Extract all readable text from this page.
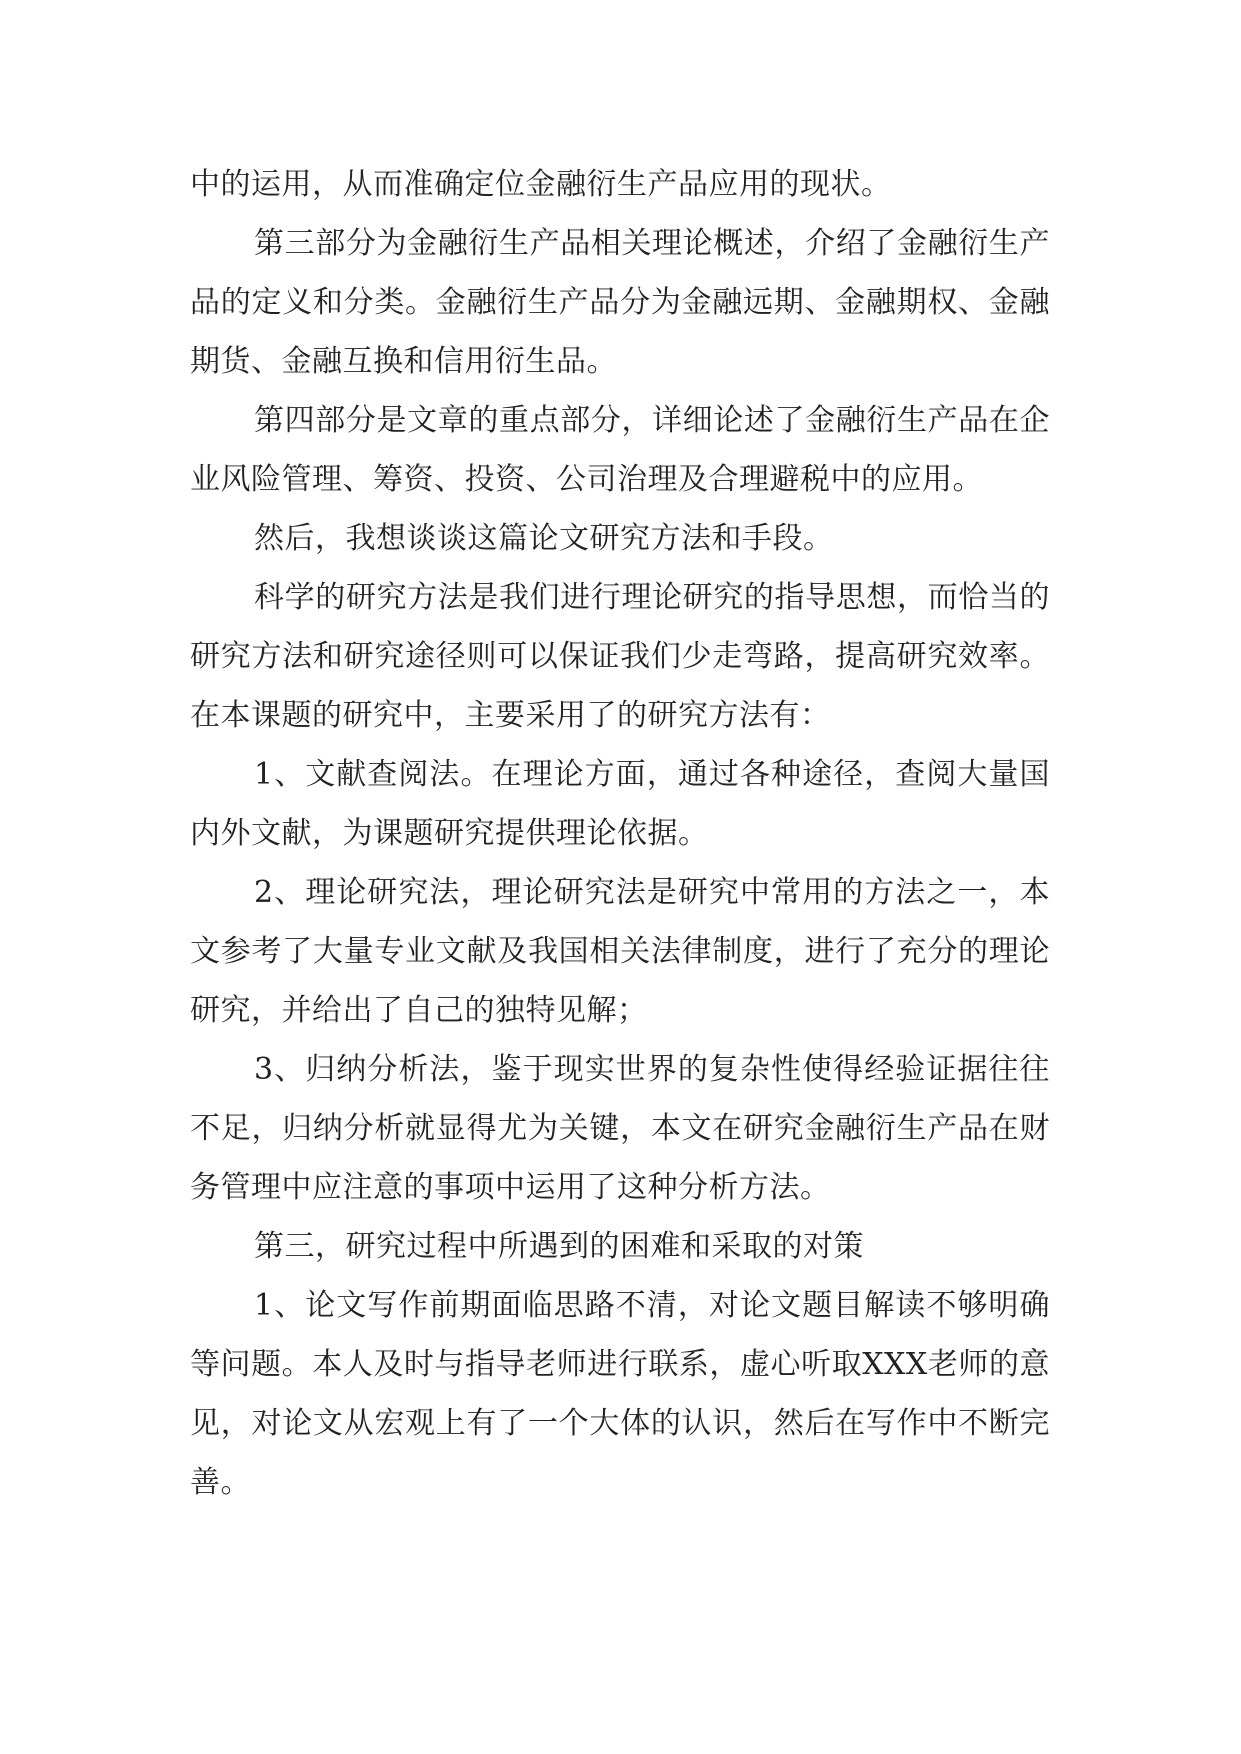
中的运用，从而准确定位金融衍生产品应用的现状。

第三部分为金融衍生产品相关理论概述，介绍了金融衍生产品的定义和分类。金融衍生产品分为金融远期、金融期权、金融期货、金融互换和信用衍生品。

第四部分是文章的重点部分，详细论述了金融衍生产品在企业风险管理、筹资、投资、公司治理及合理避税中的应用。

然后，我想谈谈这篇论文研究方法和手段。

科学的研究方法是我们进行理论研究的指导思想，而恰当的研究方法和研究途径则可以保证我们少走弯路，提高研究效率。在本课题的研究中，主要采用了的研究方法有：

1、文献查阅法。在理论方面，通过各种途径，查阅大量国内外文献，为课题研究提供理论依据。

2、理论研究法，理论研究法是研究中常用的方法之一，本文参考了大量专业文献及我国相关法律制度，进行了充分的理论研究，并给出了自己的独特见解；

3、归纳分析法，鉴于现实世界的复杂性使得经验证据往往不足，归纳分析就显得尤为关键，本文在研究金融衍生产品在财务管理中应注意的事项中运用了这种分析方法。

第三，研究过程中所遇到的困难和采取的对策

1、论文写作前期面临思路不清，对论文题目解读不够明确等问题。本人及时与指导老师进行联系，虚心听取XXX老师的意见，对论文从宏观上有了一个大体的认识，然后在写作中不断完善。
